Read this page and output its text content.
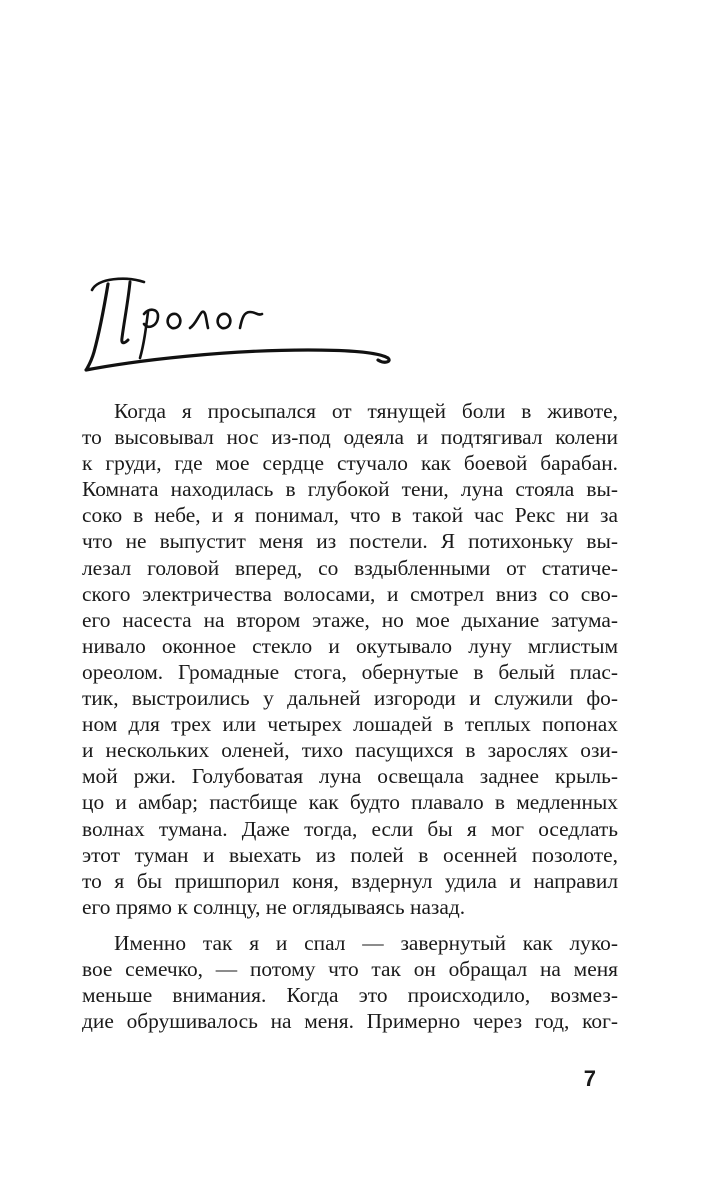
Когда я просыпался от тянущей боли в животе,
то высовывал нос из-под одеяла и подтягивал колени
к груди, где мое сердце стучало как боевой барабан.
Комната находилась в глубокой тени, луна стояла вы-
соко в небе, и я понимал, что в такой час Рекс ни за
что не выпустит меня из постели. Я потихоньку вы-
лезал головой вперед, со вздыбленными от статиче-
ского электричества волосами, и смотрел вниз со сво-
его насеста на втором этаже, но мое дыхание затума-
нивало оконное стекло и окутывало луну мглистым
ореолом. Громадные стога, обернутые в белый плас-
тик, выстроились у дальней изгороди и служили фо-
ном для трех или четырех лошадей в теплых попонах
и нескольких оленей, тихо пасущихся в зарослях ози-
мой ржи. Голубоватая луна освещала заднее крыль-
цо и амбар; пастбище как будто плавало в медленных
волнах тумана. Даже тогда, если бы я мог оседлать
этот туман и выехать из полей в осенней позолоте,
то я бы пришпорил коня, вздернул удила и направил
его прямо к солнцу, не оглядываясь назад.
Именно так я и спал — завернутый как луко-
вое семечко, — потому что так он обращал на меня
меньше внимания. Когда это происходило, возмез-
дие обрушивалось на меня. Примерно через год, ког-
7
